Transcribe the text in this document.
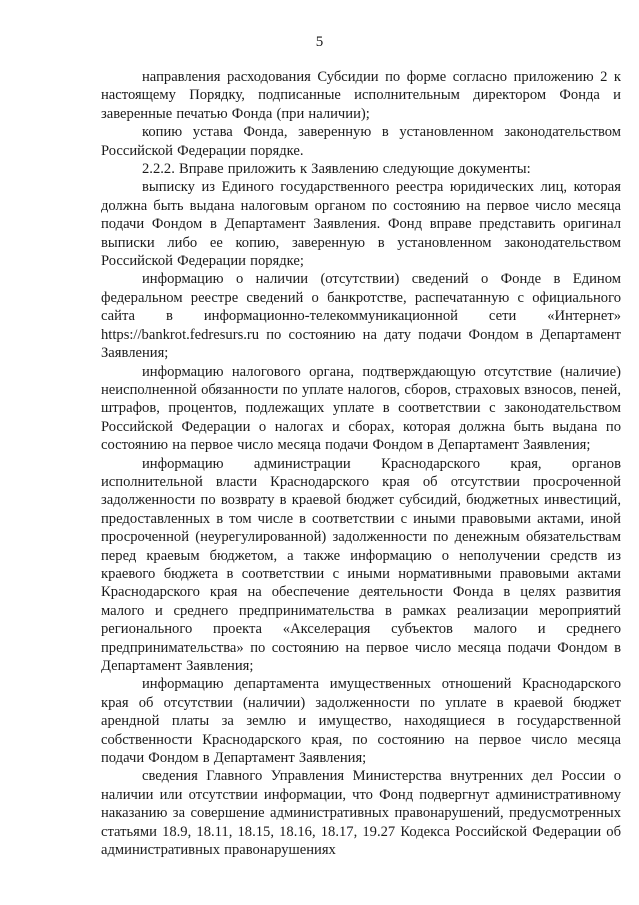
5

направления расходования Субсидии по форме согласно приложению 2 к настоящему Порядку, подписанные исполнительным директором Фонда и заверенные печатью Фонда (при наличии);

копию устава Фонда, заверенную в установленном законодательством Российской Федерации порядке.

2.2.2. Вправе приложить к Заявлению следующие документы:

выписку из Единого государственного реестра юридических лиц, которая должна быть выдана налоговым органом по состоянию на первое число месяца подачи Фондом в Департамент Заявления. Фонд вправе представить оригинал выписки либо ее копию, заверенную в установленном законодательством Российской Федерации порядке;

информацию о наличии (отсутствии) сведений о Фонде в Едином федеральном реестре сведений о банкротстве, распечатанную с официального сайта в информационно-телекоммуникационной сети «Интернет» https://bankrot.fedresurs.ru по состоянию на дату подачи Фондом в Департамент Заявления;

информацию налогового органа, подтверждающую отсутствие (наличие) неисполненной обязанности по уплате налогов, сборов, страховых взносов, пеней, штрафов, процентов, подлежащих уплате в соответствии с законодательством Российской Федерации о налогах и сборах, которая должна быть выдана по состоянию на первое число месяца подачи Фондом в Департамент Заявления;

информацию администрации Краснодарского края, органов исполнительной власти Краснодарского края об отсутствии просроченной задолженности по возврату в краевой бюджет субсидий, бюджетных инвестиций, предоставленных в том числе в соответствии с иными правовыми актами, иной просроченной (неурегулированной) задолженности по денежным обязательствам перед краевым бюджетом, а также информацию о неполучении средств из краевого бюджета в соответствии с иными нормативными правовыми актами Краснодарского края на обеспечение деятельности Фонда в целях развития малого и среднего предпринимательства в рамках реализации мероприятий регионального проекта «Акселерация субъектов малого и среднего предпринимательства» по состоянию на первое число месяца подачи Фондом в Департамент Заявления;

информацию департамента имущественных отношений Краснодарского края об отсутствии (наличии) задолженности по уплате в краевой бюджет арендной платы за землю и имущество, находящиеся в государственной собственности Краснодарского края, по состоянию на первое число месяца подачи Фондом в Департамент Заявления;

сведения Главного Управления Министерства внутренних дел России о наличии или отсутствии информации, что Фонд подвергнут административному наказанию за совершение административных правонарушений, предусмотренных статьями 18.9, 18.11, 18.15, 18.16, 18.17, 19.27 Кодекса Российской Федерации об административных правонарушениях
